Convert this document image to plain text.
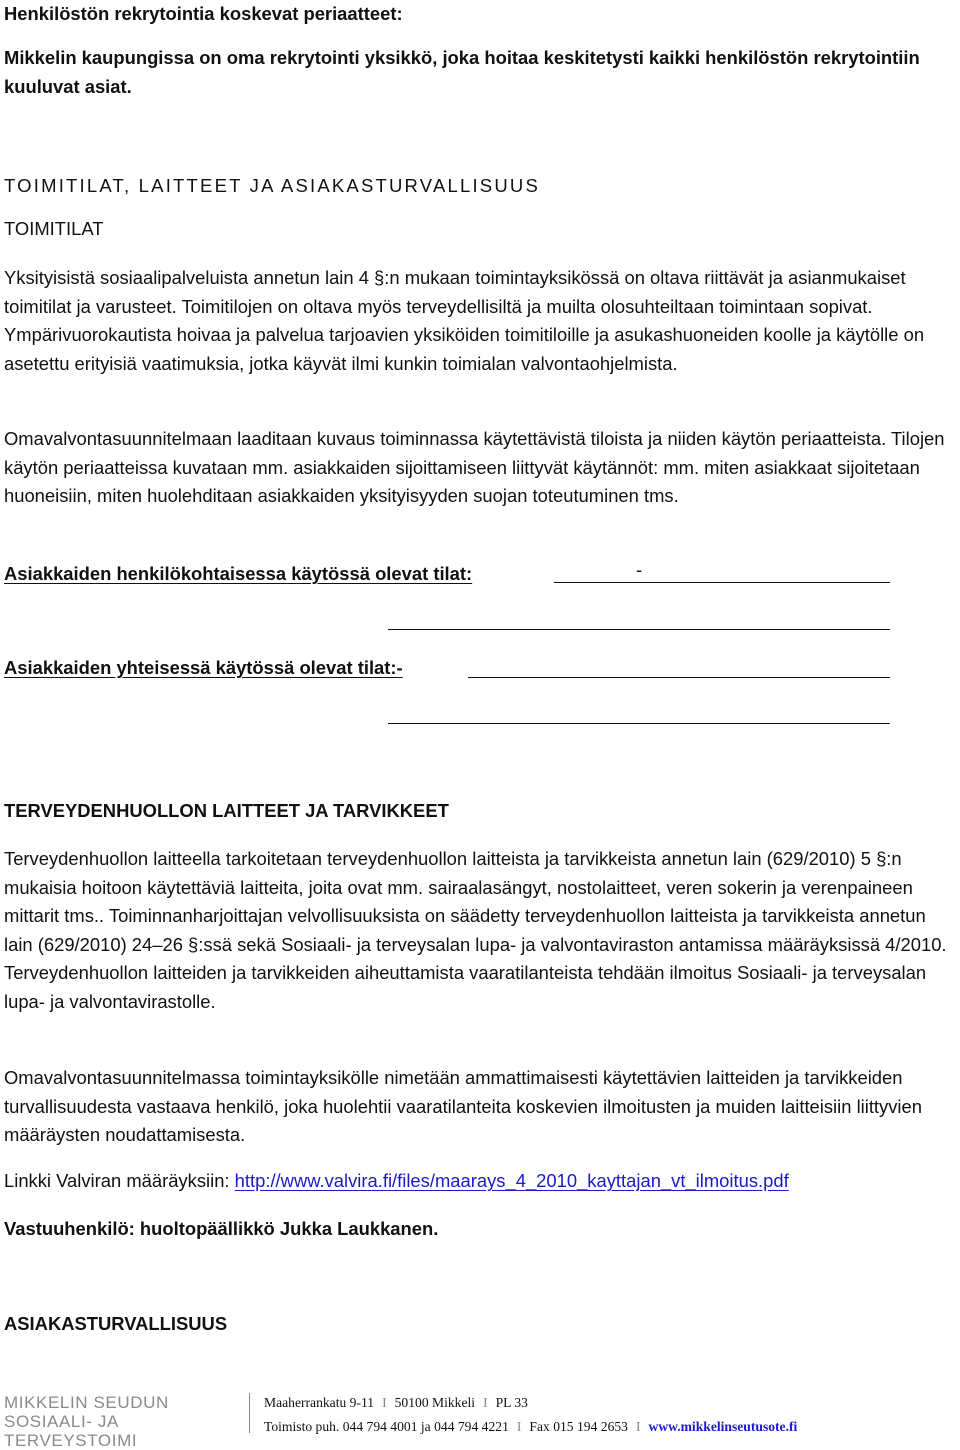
Henkilöstön rekrytointia koskevat periaatteet:

Mikkelin kaupungissa on oma rekrytointi yksikkö, joka hoitaa keskitetysti kaikki henkilöstön rekrytointiin kuuluvat asiat.

TOIMITILAT, LAITTEET JA ASIAKASTURVALLISUUS

TOIMITILAT

Yksityisistä sosiaalipalveluista annetun lain 4 §:n mukaan toimintayksikössä on oltava riittävät ja asianmukaiset toimitilat ja varusteet. Toimitilojen on oltava myös terveydellisiltä ja muilta olosuhteiltaan toimintaan sopivat. Ympärivuorokautista hoivaa ja palvelua tarjoavien yksiköiden toimitiloille ja asukashuoneiden koolle ja käytölle on asetettu erityisiä vaatimuksia, jotka käyvät ilmi kunkin toimialan valvontaohjelmista.

Omavalvontasuunnitelmaan laaditaan kuvaus toiminnassa käytettävistä tiloista ja niiden käytön periaatteista. Tilojen käytön periaatteissa kuvataan mm. asiakkaiden sijoittamiseen liittyvät käytännöt: mm. miten asiakkaat sijoitetaan huoneisiin, miten huolehditaan asiakkaiden yksityisyyden suojan toteutuminen tms.

Asiakkaiden henkilökohtaisessa käytössä olevat tilat:	-

Asiakkaiden yhteisessä käytössä olevat tilat:-

TERVEYDENHUOLLON LAITTEET JA TARVIKKEET

Terveydenhuollon laitteella tarkoitetaan terveydenhuollon laitteista ja tarvikkeista annetun lain (629/2010) 5 §:n mukaisia hoitoon käytettäviä laitteita, joita ovat mm. sairaalasängyt, nostolaitteet, veren sokerin ja verenpaineen mittarit tms.. Toiminnanharjoittajan velvollisuuksista on säädetty terveydenhuollon laitteista ja tarvikkeista annetun lain (629/2010) 24–26 §:ssä sekä Sosiaali- ja terveysalan lupa- ja valvontaviraston antamissa määräyksissä 4/2010. Terveydenhuollon laitteiden ja tarvikkeiden aiheuttamista vaaratilanteista tehdään ilmoitus Sosiaali- ja terveysalan lupa- ja valvontavirastolle.

Omavalvontasuunnitelmassa toimintayksikölle nimetään ammattimaisesti käytettävien laitteiden ja tarvikkeiden turvallisuudesta vastaava henkilö, joka huolehtii vaaratilanteita koskevien ilmoitusten ja muiden laitteisiin liittyvien määräysten noudattamisesta.

Linkki Valviran määräyksiin: http://www.valvira.fi/files/maarays_4_2010_kayttajan_vt_ilmoitus.pdf

Vastuuhenkilö: huoltopäällikkö Jukka Laukkanen.

ASIAKASTURVALLISUUS

MIKKELIN SEUDUN
SOSIAALI- JA TERVEYSTOIMI
Maaherrankatu 9-11 I 50100 Mikkeli I PL 33
Toimisto puh. 044 794 4001 ja 044 794 4221 I Fax 015 194 2653 I www.mikkelinseutusote.fi
